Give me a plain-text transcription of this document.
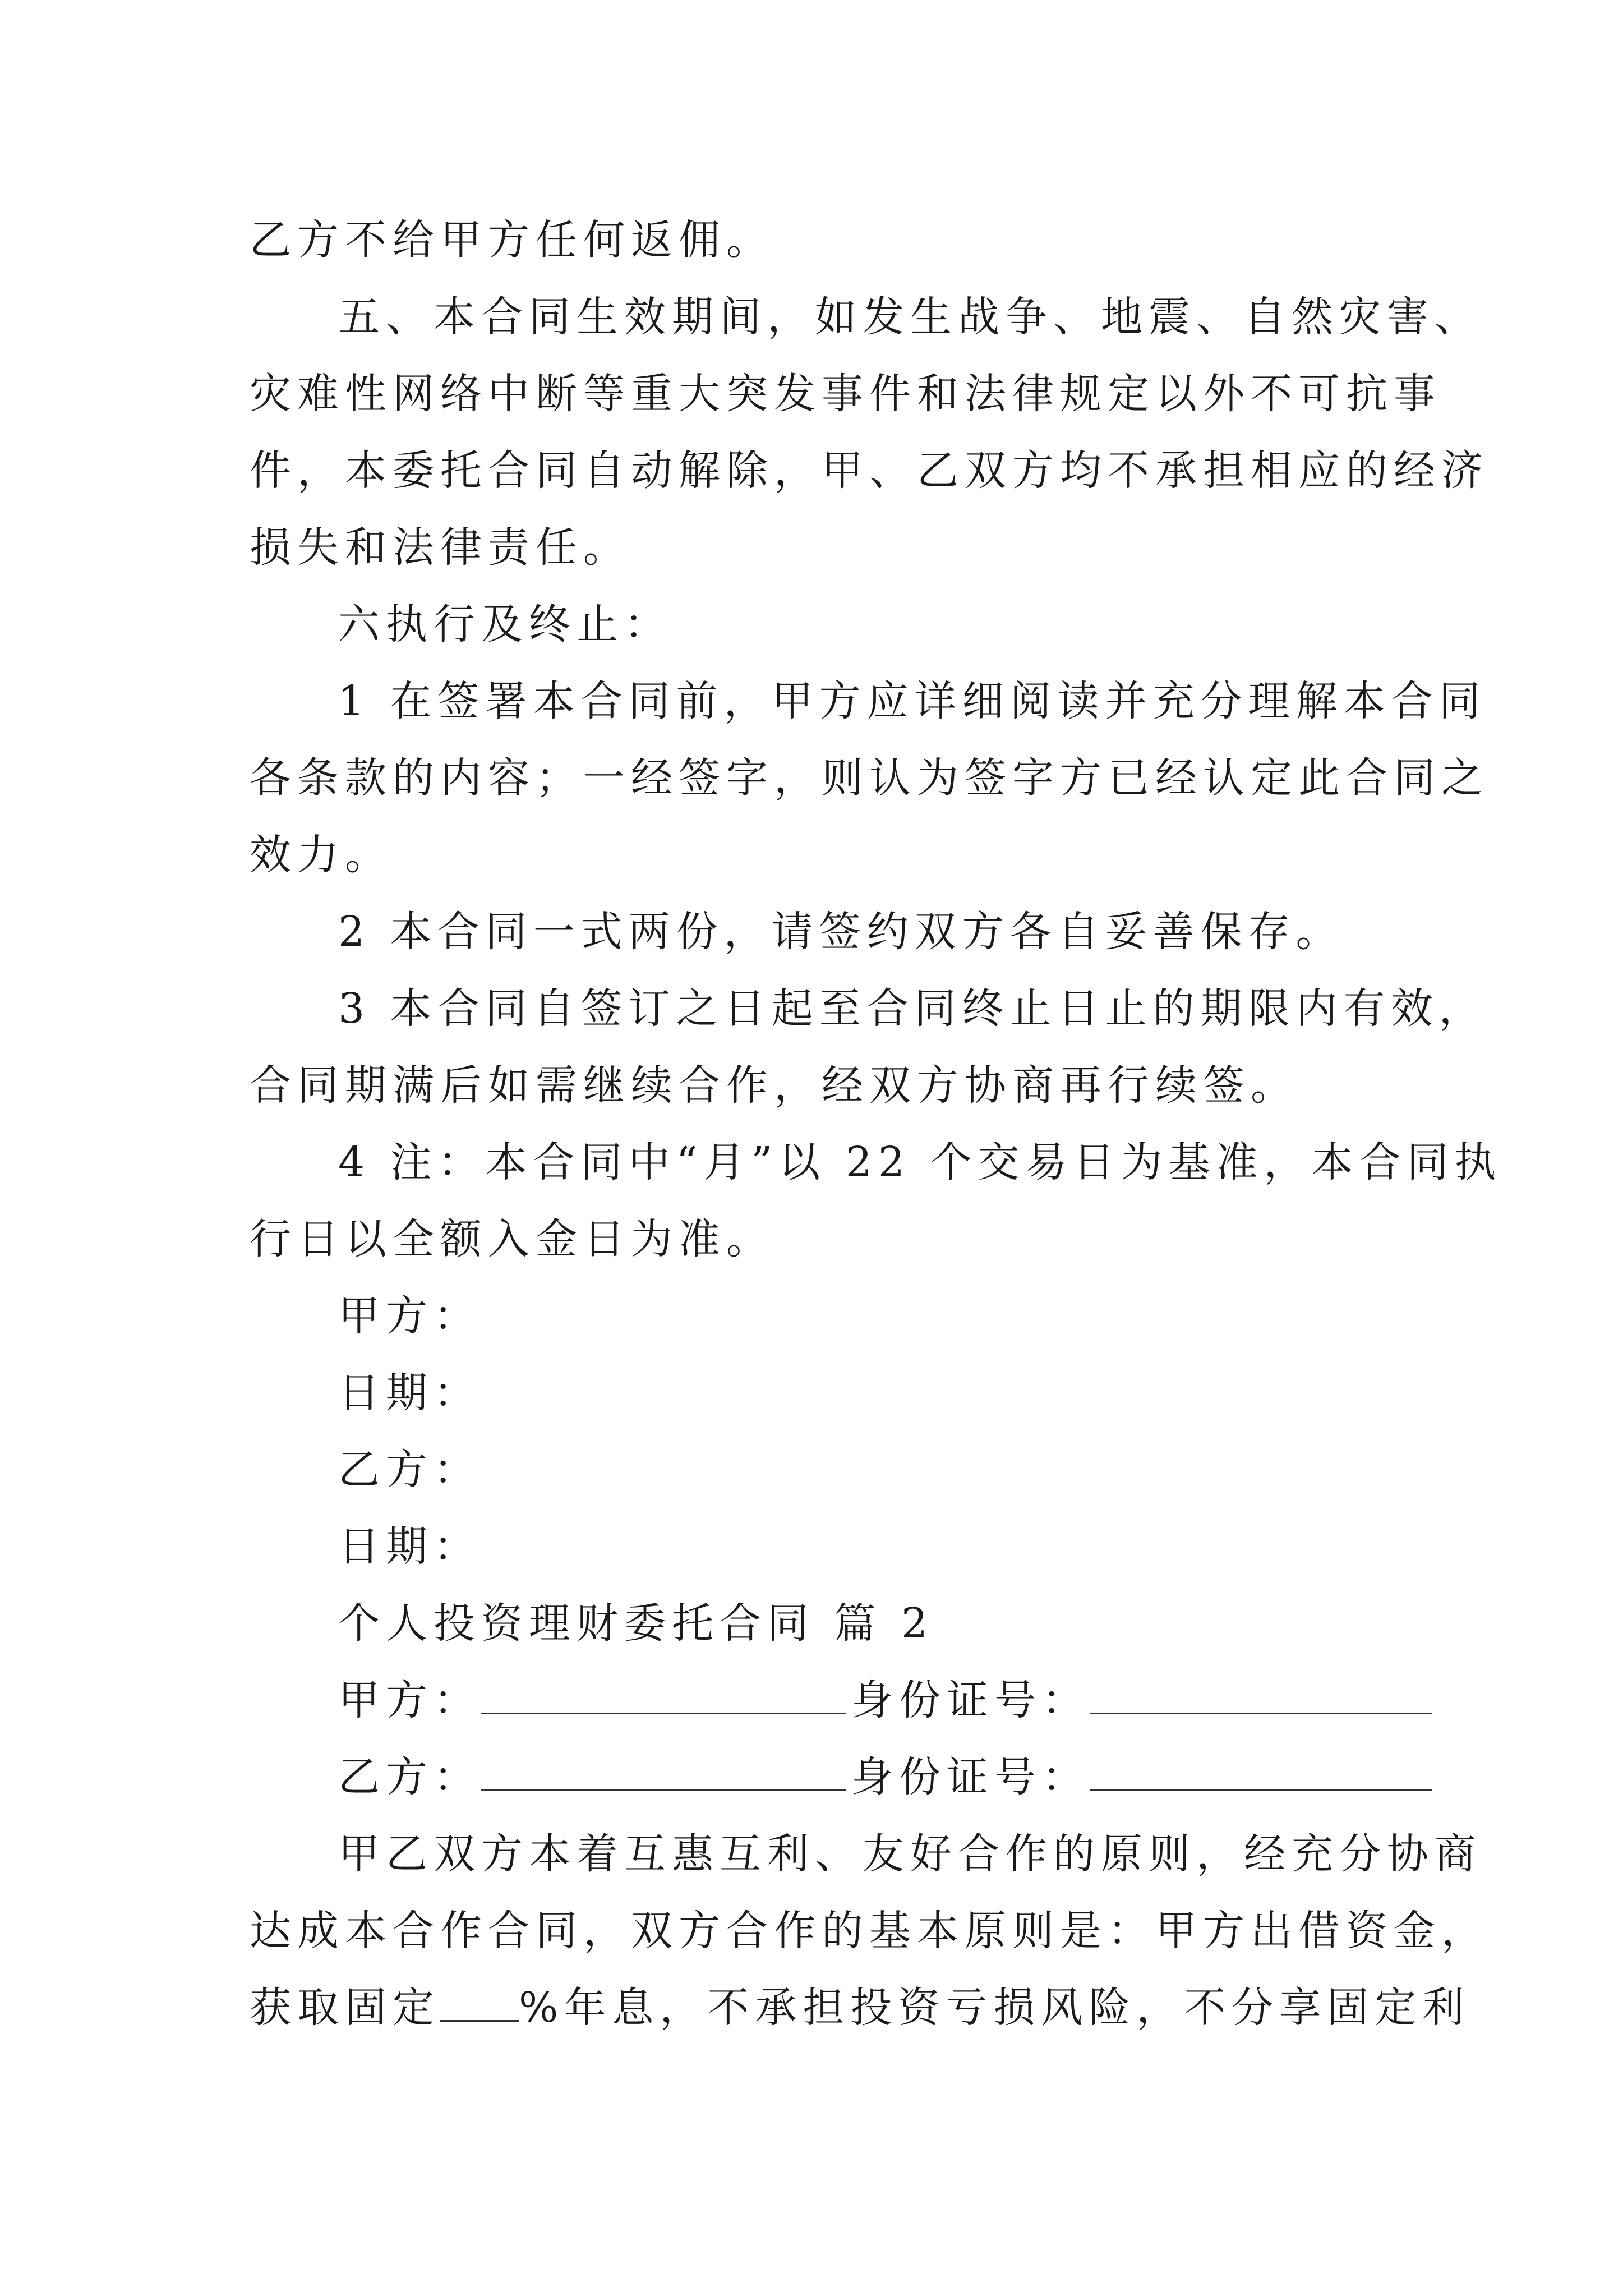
乙方不给甲方任何返佣。
五、本合同生效期间，如发生战争、地震、自然灾害、
灾难性网络中断等重大突发事件和法律规定以外不可抗事
件，本委托合同自动解除，甲、乙双方均不承担相应的经济
损失和法律责任。
六执行及终止：
1 在签署本合同前，甲方应详细阅读并充分理解本合同
各条款的内容；一经签字，则认为签字方已经认定此合同之
效力。
2 本合同一式两份，请签约双方各自妥善保存。
3 本合同自签订之日起至合同终止日止的期限内有效，
合同期满后如需继续合作，经双方协商再行续签。
4 注：本合同中“月”以 22 个交易日为基准，本合同执
行日以全额入金日为准。
甲方：
日期：
乙方：
日期：
个人投资理财委托合同 篇 2
甲方：	身份证号：
乙方：	身份证号：
甲乙双方本着互惠互利、友好合作的原则，经充分协商
达成本合作合同，双方合作的基本原则是：甲方出借资金，
获取固定 %年息，不承担投资亏损风险，不分享固定利
